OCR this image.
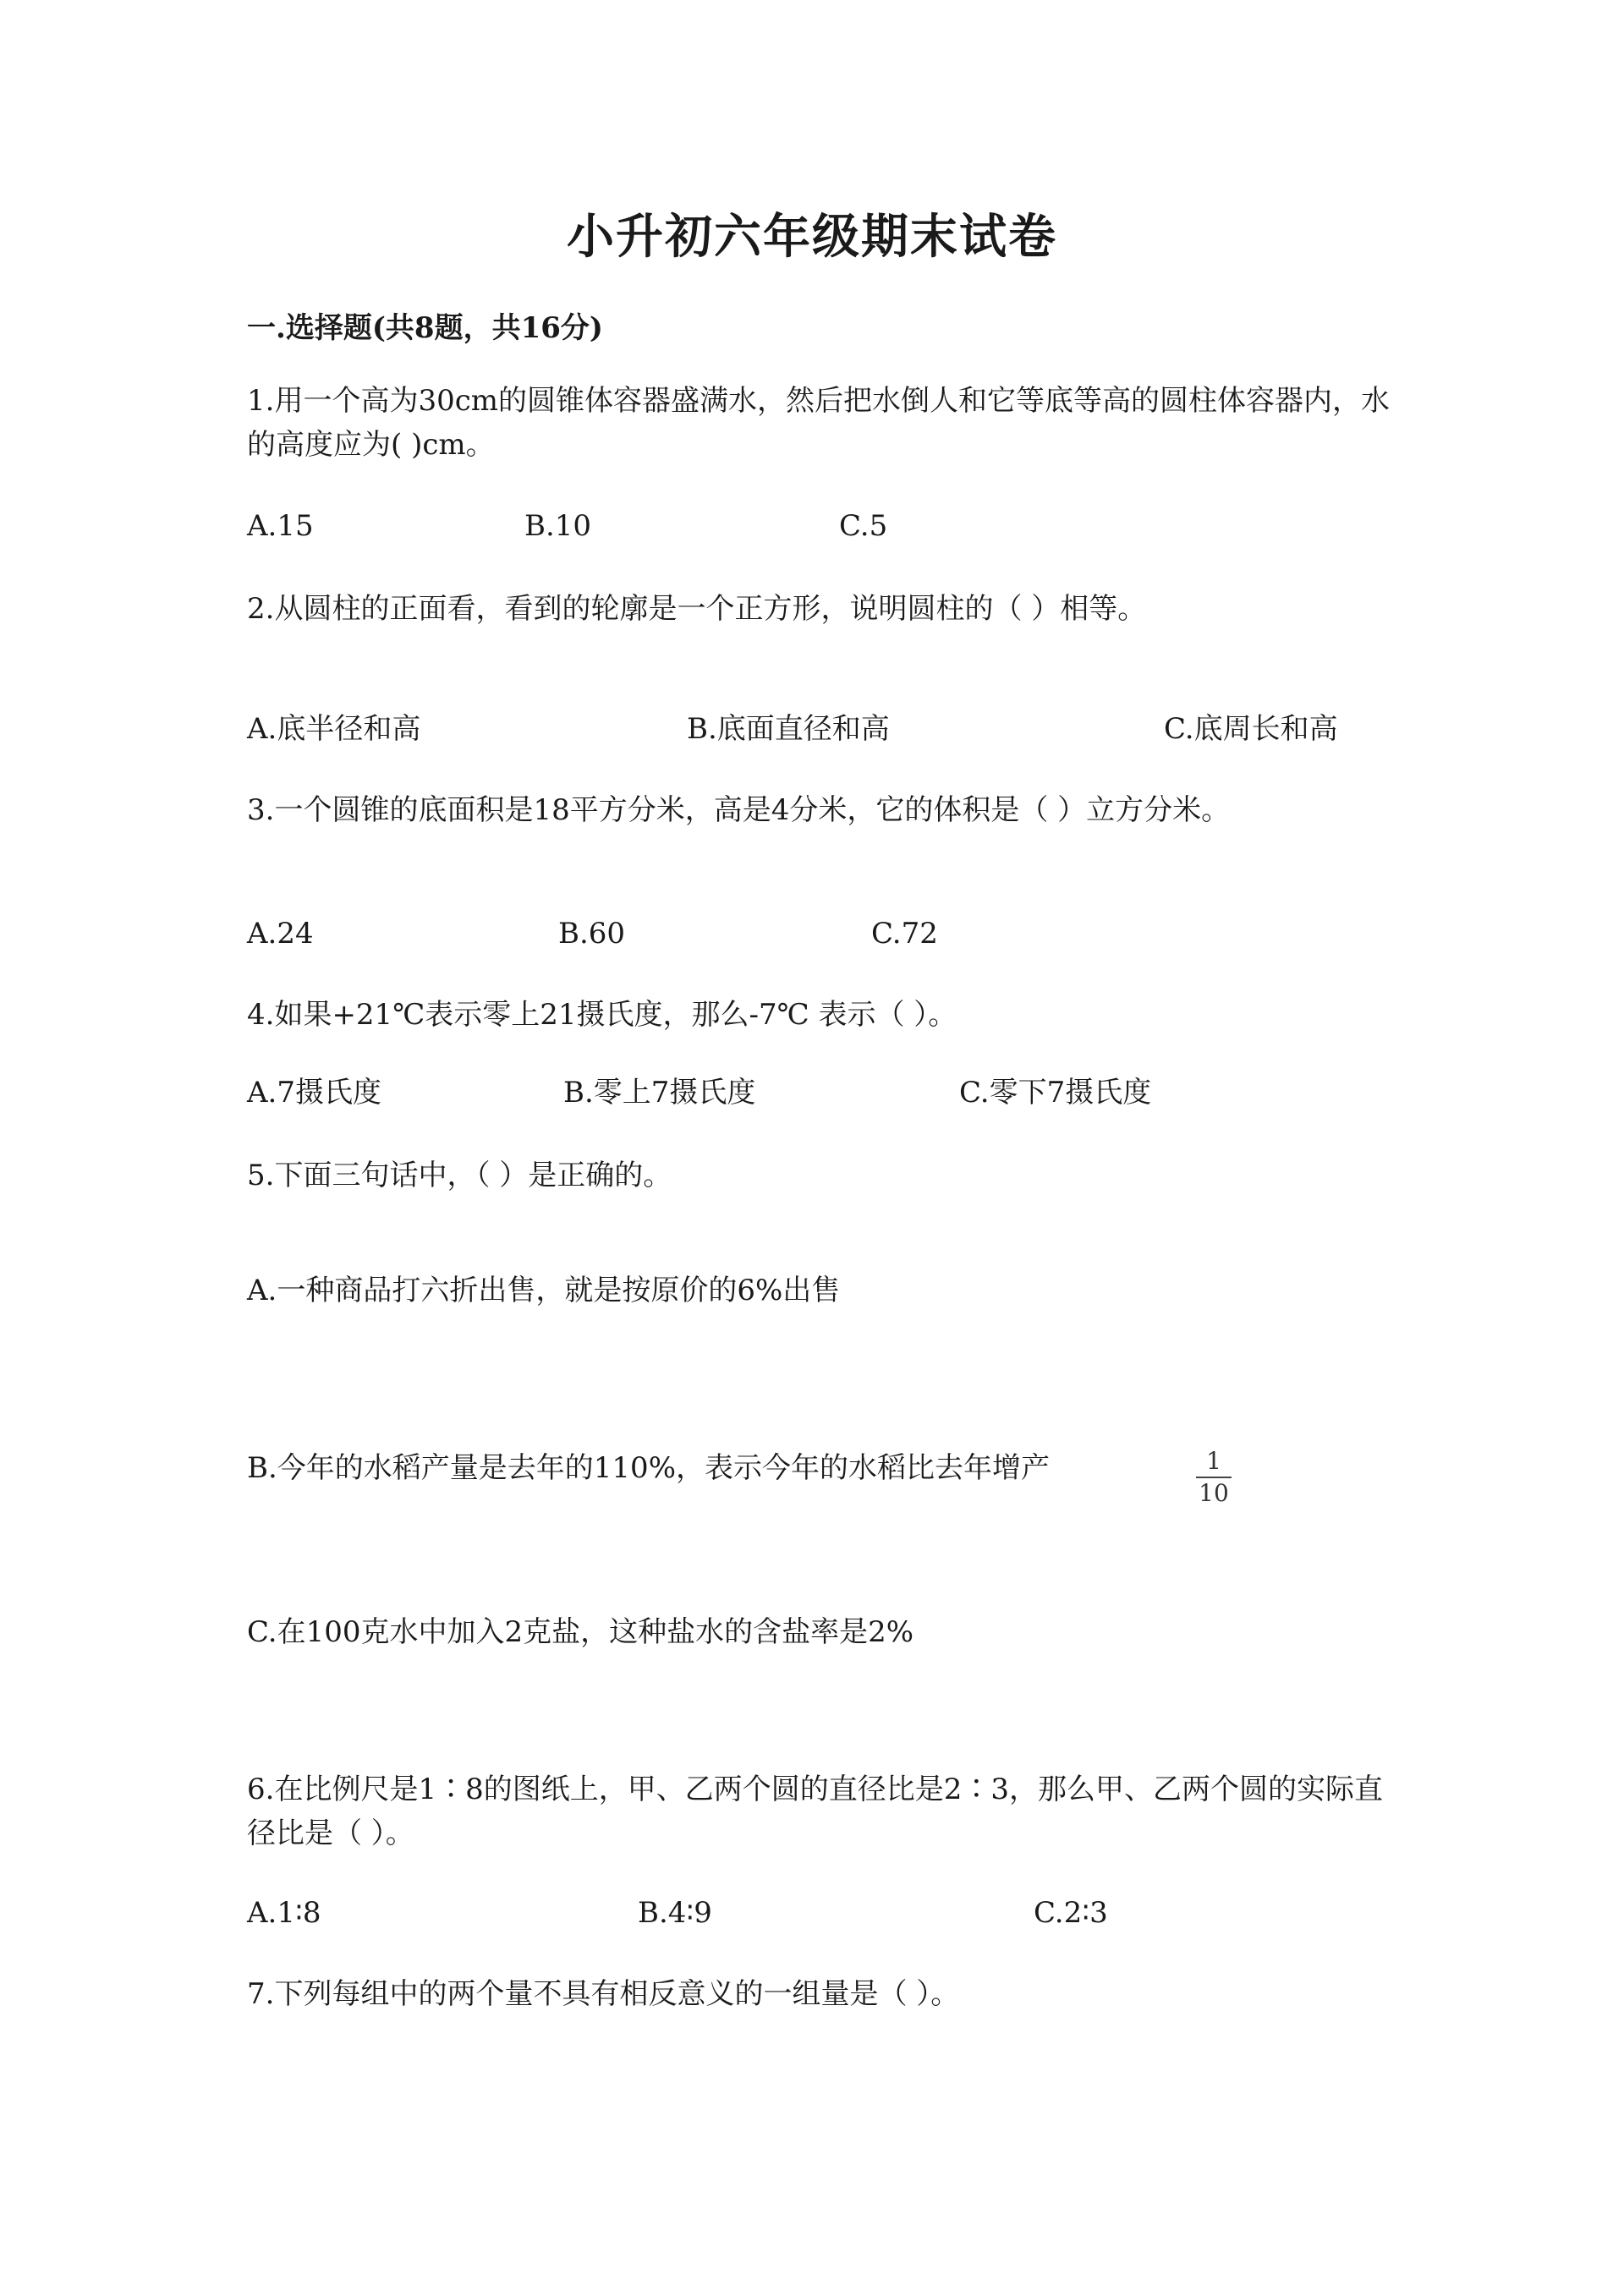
小升初六年级期末试卷
一.选择题(共8题，共16分)
1.用一个高为30cm的圆锥体容器盛满水，然后把水倒人和它等底等高的圆柱体容器内，水的高度应为( )cm。
A.15	B.10	C.5
2.从圆柱的正面看，看到的轮廓是一个正方形，说明圆柱的（ ）相等。
A.底半径和高	B.底面直径和高	C.底周长和高
3.一个圆锥的底面积是18平方分米，高是4分米，它的体积是（ ）立方分米。
A.24	B.60	C.72
4.如果+21℃表示零上21摄氏度，那么-7℃ 表示（ ）。
A.7摄氏度	B.零上7摄氏度	C.零下7摄氏度
5.下面三句话中，（ ）是正确的。
A.一种商品打六折出售，就是按原价的6%出售
B.今年的水稻产量是去年的110%，表示今年的水稻比去年增产	1
10
C.在100克水中加入2克盐，这种盐水的含盐率是2%
6.在比例尺是1∶8的图纸上，甲、乙两个圆的直径比是2∶3，那么甲、乙两个圆的实际直径比是（ ）。
A.1∶8	B.4∶9	C.2∶3
7.下列每组中的两个量不具有相反意义的一组量是（ ）。
